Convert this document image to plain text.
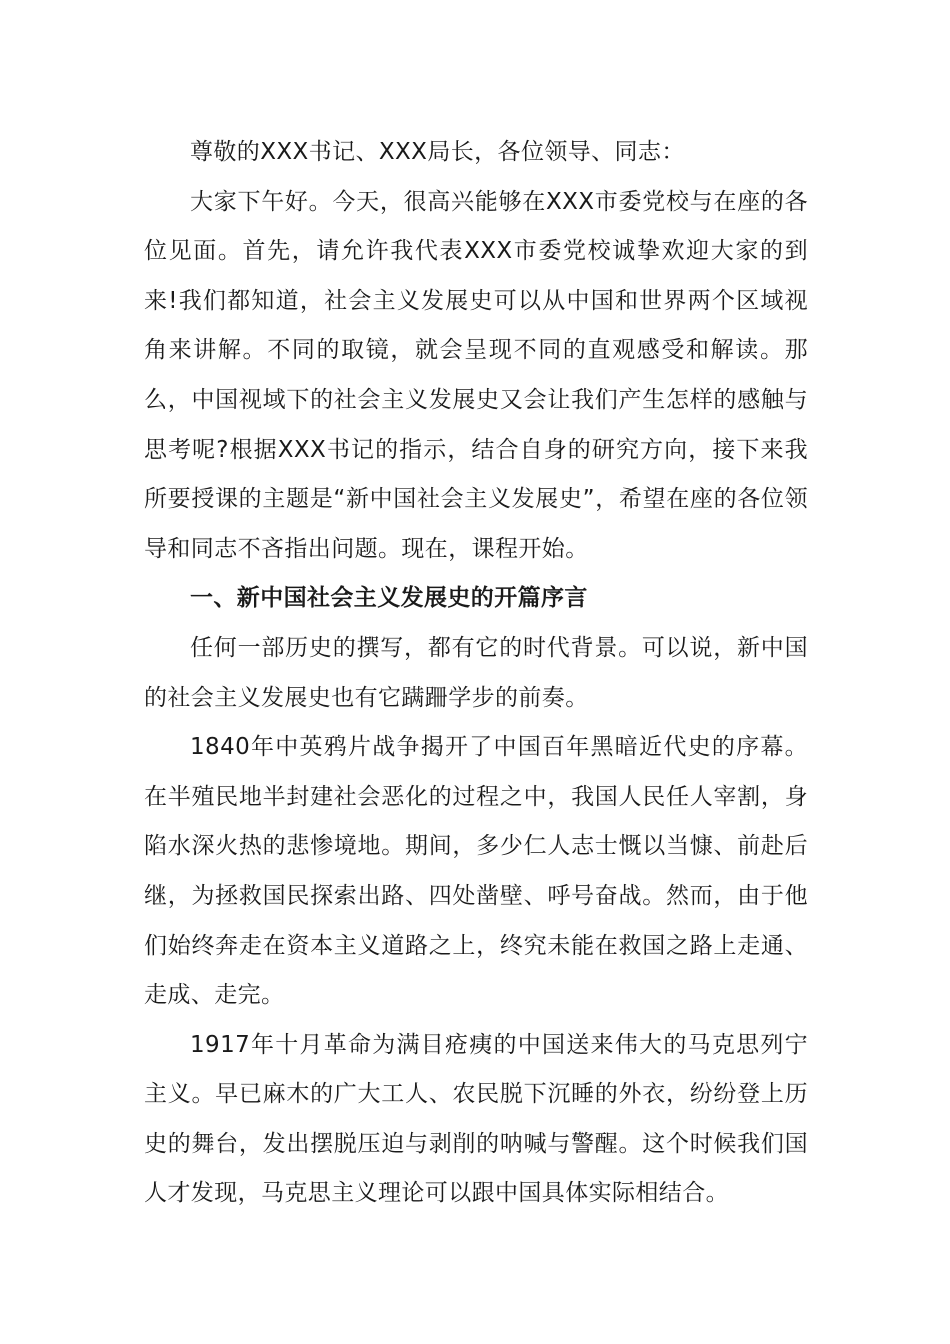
尊敬的XXX书记、XXX局长，各位领导、同志：

大家下午好。今天，很高兴能够在XXX市委党校与在座的各位见面。首先，请允许我代表XXX市委党校诚挚欢迎大家的到来!我们都知道，社会主义发展史可以从中国和世界两个区域视角来讲解。不同的取镜，就会呈现不同的直观感受和解读。那么，中国视域下的社会主义发展史又会让我们产生怎样的感触与思考呢?根据XXX书记的指示，结合自身的研究方向，接下来我所要授课的主题是“新中国社会主义发展史”，希望在座的各位领导和同志不吝指出问题。现在，课程开始。

一、新中国社会主义发展史的开篇序言

任何一部历史的撰写，都有它的时代背景。可以说，新中国的社会主义发展史也有它蹒跚学步的前奏。

1840年中英鸦片战争揭开了中国百年黑暗近代史的序幕。在半殖民地半封建社会恶化的过程之中，我国人民任人宰割，身陷水深火热的悲惨境地。期间，多少仁人志士慨以当慷、前赴后继，为拯救国民探索出路、四处凿壁、呼号奋战。然而，由于他们始终奔走在资本主义道路之上，终究未能在救国之路上走通、走成、走完。

1917年十月革命为满目疮痍的中国送来伟大的马克思列宁主义。早已麻木的广大工人、农民脱下沉睡的外衣，纷纷登上历史的舞台，发出摆脱压迫与剥削的呐喊与警醒。这个时候我们国人才发现，马克思主义理论可以跟中国具体实际相结合。
